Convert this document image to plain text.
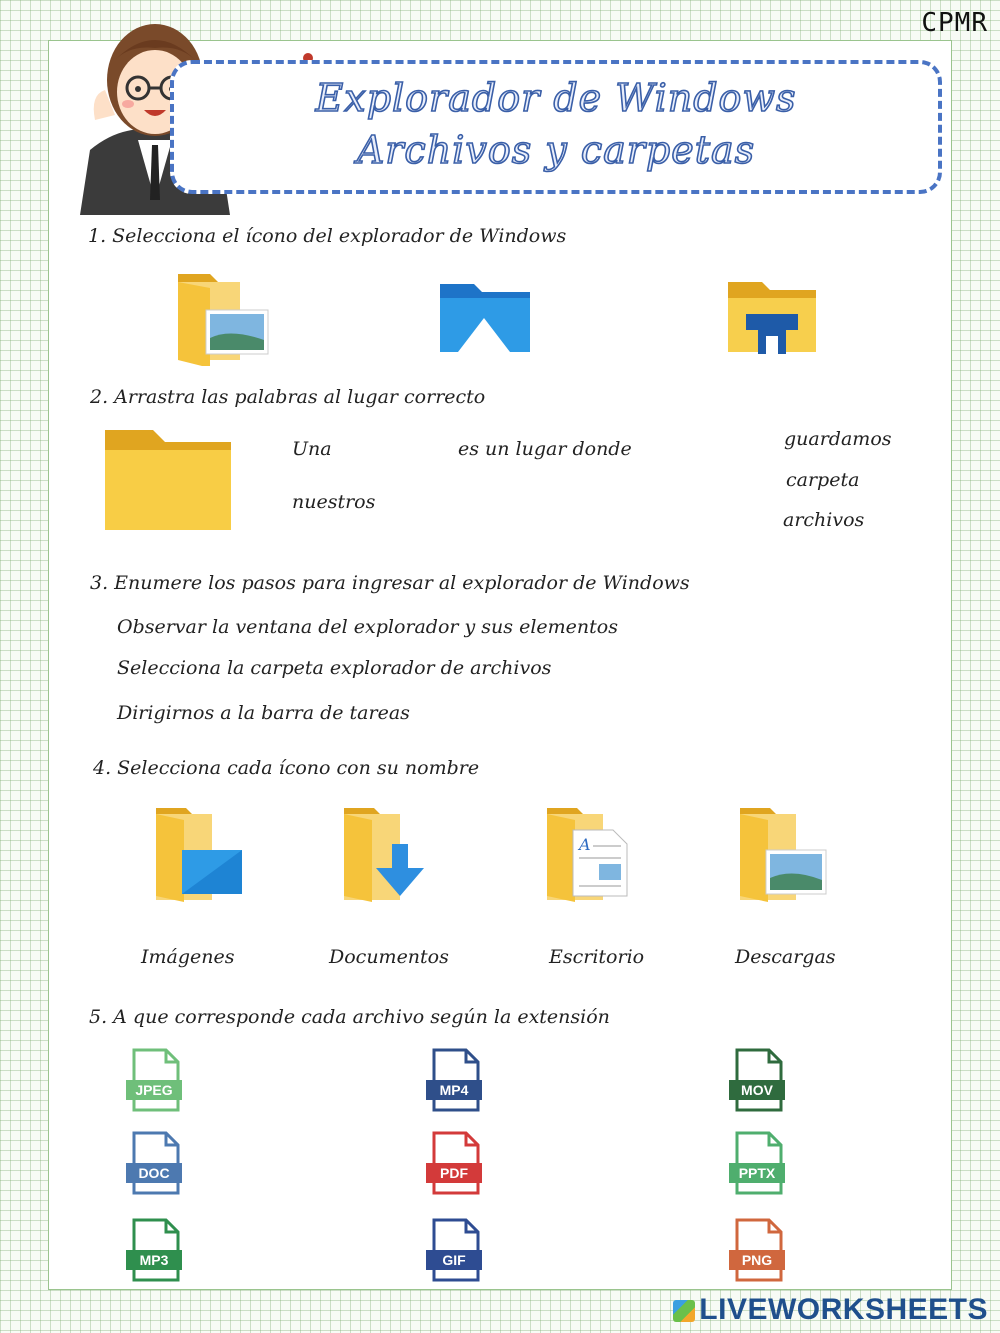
CPMR
Explorador de Windows
Archivos y carpetas
1. Selecciona el ícono del explorador de Windows
2. Arrastra las palabras al lugar correcto
Una	es un lugar donde
nuestros
guardamos
carpeta
archivos
3. Enumere los pasos para ingresar al explorador de Windows
Observar la ventana del explorador y sus elementos
Selecciona la carpeta explorador de archivos
Dirigirnos a la barra de tareas
4. Selecciona cada ícono con su nombre
A
Imágenes	Documentos	Escritorio	Descargas
5. A que corresponde cada archivo según la extensión
JPEG	MP4	MOV
DOC	PDF	PPTX
MP3	GIF	PNG
LIVEWORKSHEETS
